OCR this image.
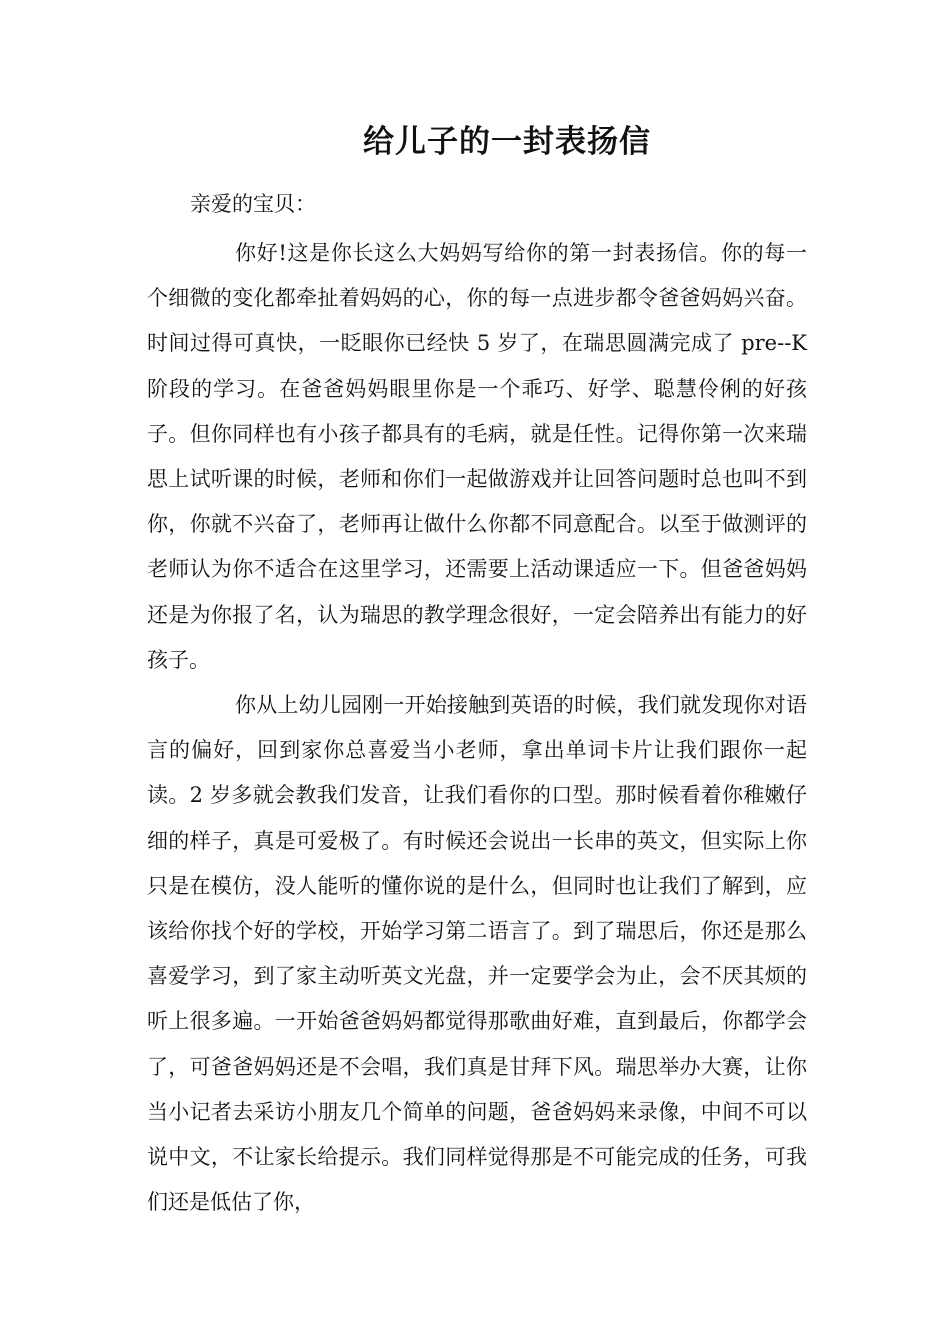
给儿子的一封表扬信
亲爱的宝贝：

你好!这是你长这么大妈妈写给你的第一封表扬信。你的每一个细微的变化都牵扯着妈妈的心，你的每一点进步都令爸爸妈妈兴奋。时间过得可真快，一眨眼你已经快 5 岁了，在瑞思圆满完成了 pre--K 阶段的学习。在爸爸妈妈眼里你是一个乖巧、好学、聪慧伶俐的好孩子。但你同样也有小孩子都具有的毛病，就是任性。记得你第一次来瑞思上试听课的时候，老师和你们一起做游戏并让回答问题时总也叫不到你，你就不兴奋了，老师再让做什么你都不同意配合。以至于做测评的老师认为你不适合在这里学习，还需要上活动课适应一下。但爸爸妈妈还是为你报了名，认为瑞思的教学理念很好，一定会陪养出有能力的好孩子。

你从上幼儿园刚一开始接触到英语的时候，我们就发现你对语言的偏好，回到家你总喜爱当小老师，拿出单词卡片让我们跟你一起读。2 岁多就会教我们发音，让我们看你的口型。那时候看着你稚嫩仔细的样子，真是可爱极了。有时候还会说出一长串的英文，但实际上你只是在模仿，没人能听的懂你说的是什么，但同时也让我们了解到，应该给你找个好的学校，开始学习第二语言了。到了瑞思后，你还是那么喜爱学习，到了家主动听英文光盘，并一定要学会为止，会不厌其烦的听上很多遍。一开始爸爸妈妈都觉得那歌曲好难，直到最后，你都学会了，可爸爸妈妈还是不会唱，我们真是甘拜下风。瑞思举办大赛，让你当小记者去采访小朋友几个简单的问题，爸爸妈妈来录像，中间不可以说中文，不让家长给提示。我们同样觉得那是不可能完成的任务，可我们还是低估了你，
